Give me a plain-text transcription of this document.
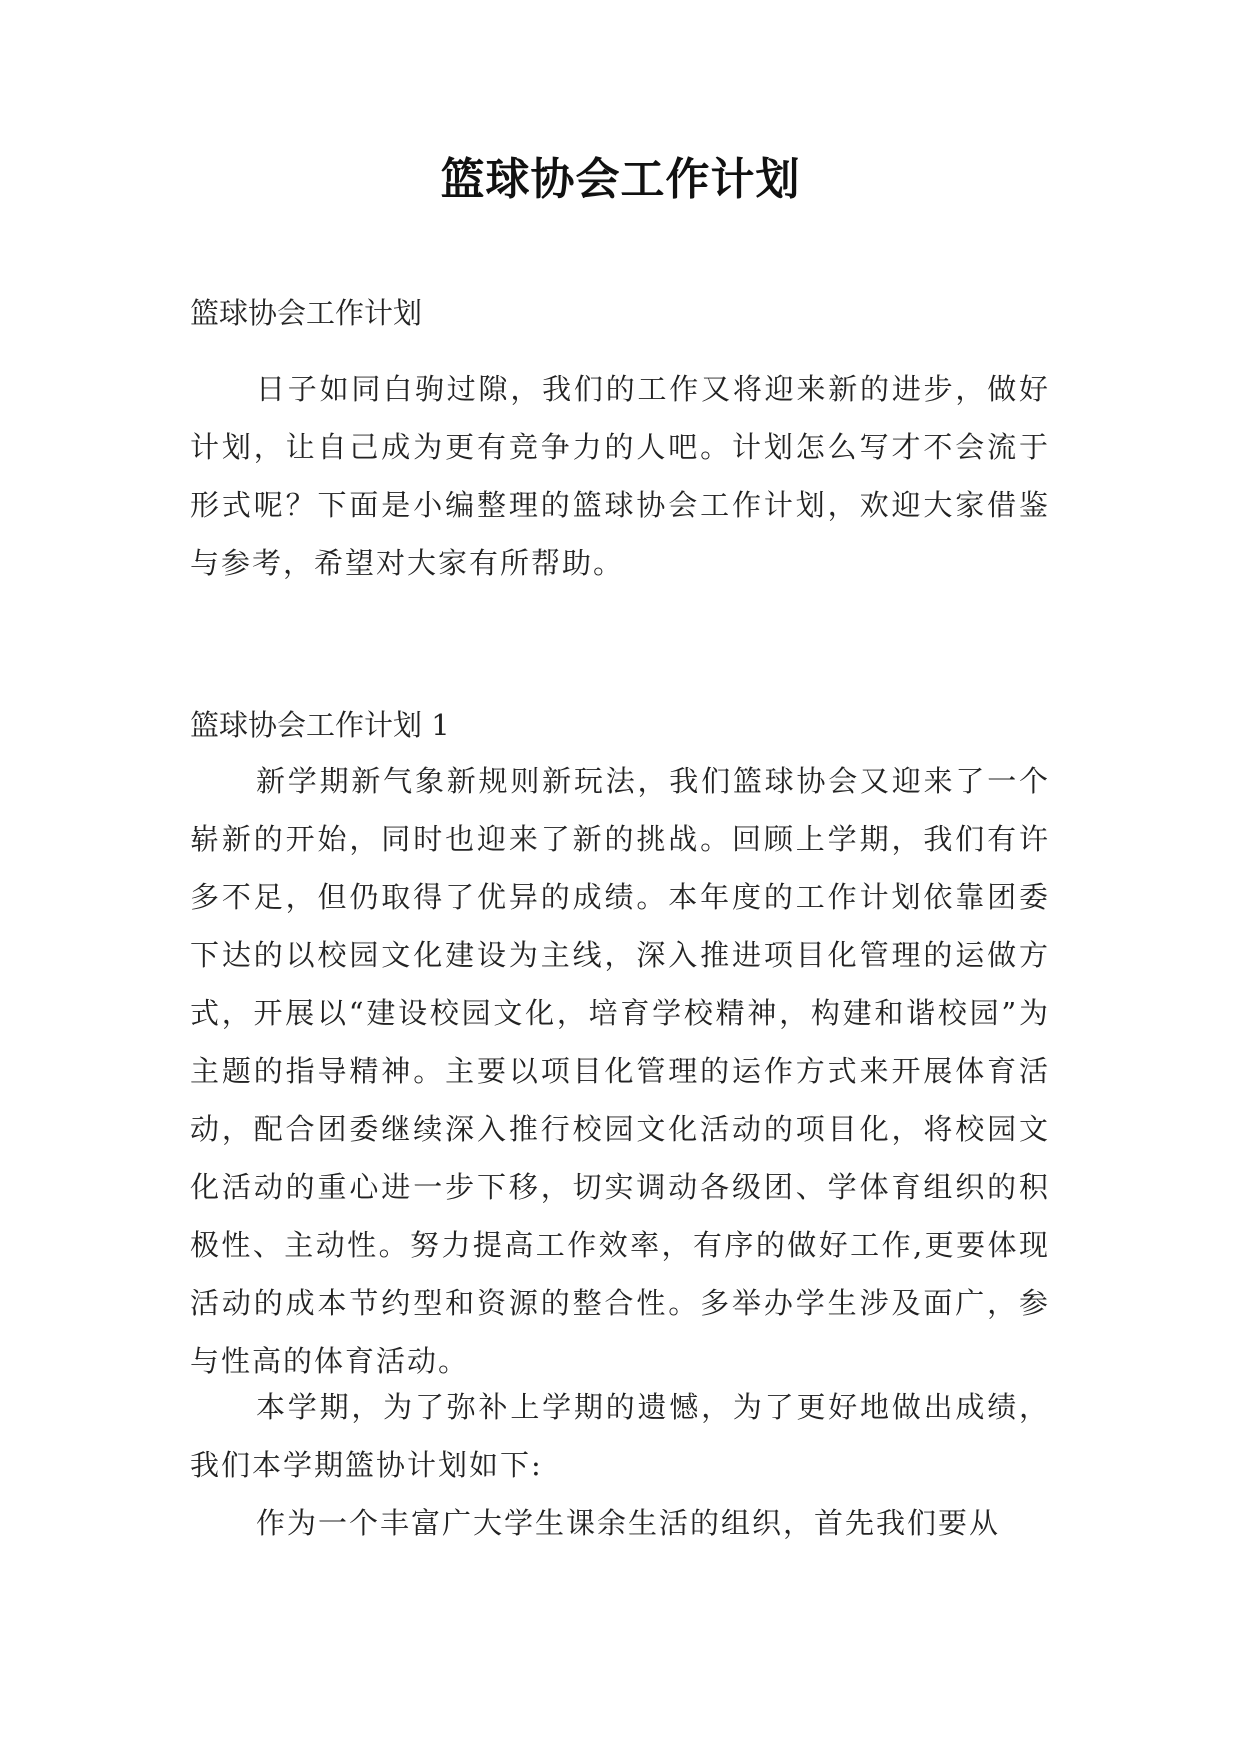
篮球协会工作计划
篮球协会工作计划

日子如同白驹过隙，我们的工作又将迎来新的进步，做好计划，让自己成为更有竞争力的人吧。计划怎么写才不会流于形式呢？下面是小编整理的篮球协会工作计划，欢迎大家借鉴与参考，希望对大家有所帮助。

篮球协会工作计划 1

新学期新气象新规则新玩法，我们篮球协会又迎来了一个崭新的开始，同时也迎来了新的挑战。回顾上学期，我们有许多不足，但仍取得了优异的成绩。本年度的工作计划依靠团委下达的以校园文化建设为主线，深入推进项目化管理的运做方式，开展以“建设校园文化，培育学校精神，构建和谐校园”为主题的指导精神。主要以项目化管理的运作方式来开展体育活动，配合团委继续深入推行校园文化活动的项目化，将校园文化活动的重心进一步下移，切实调动各级团、学体育组织的积极性、主动性。努力提高工作效率，有序的做好工作,更要体现活动的成本节约型和资源的整合性。多举办学生涉及面广，参与性高的体育活动。

本学期，为了弥补上学期的遗憾，为了更好地做出成绩，我们本学期篮协计划如下:

作为一个丰富广大学生课余生活的组织，首先我们要从
